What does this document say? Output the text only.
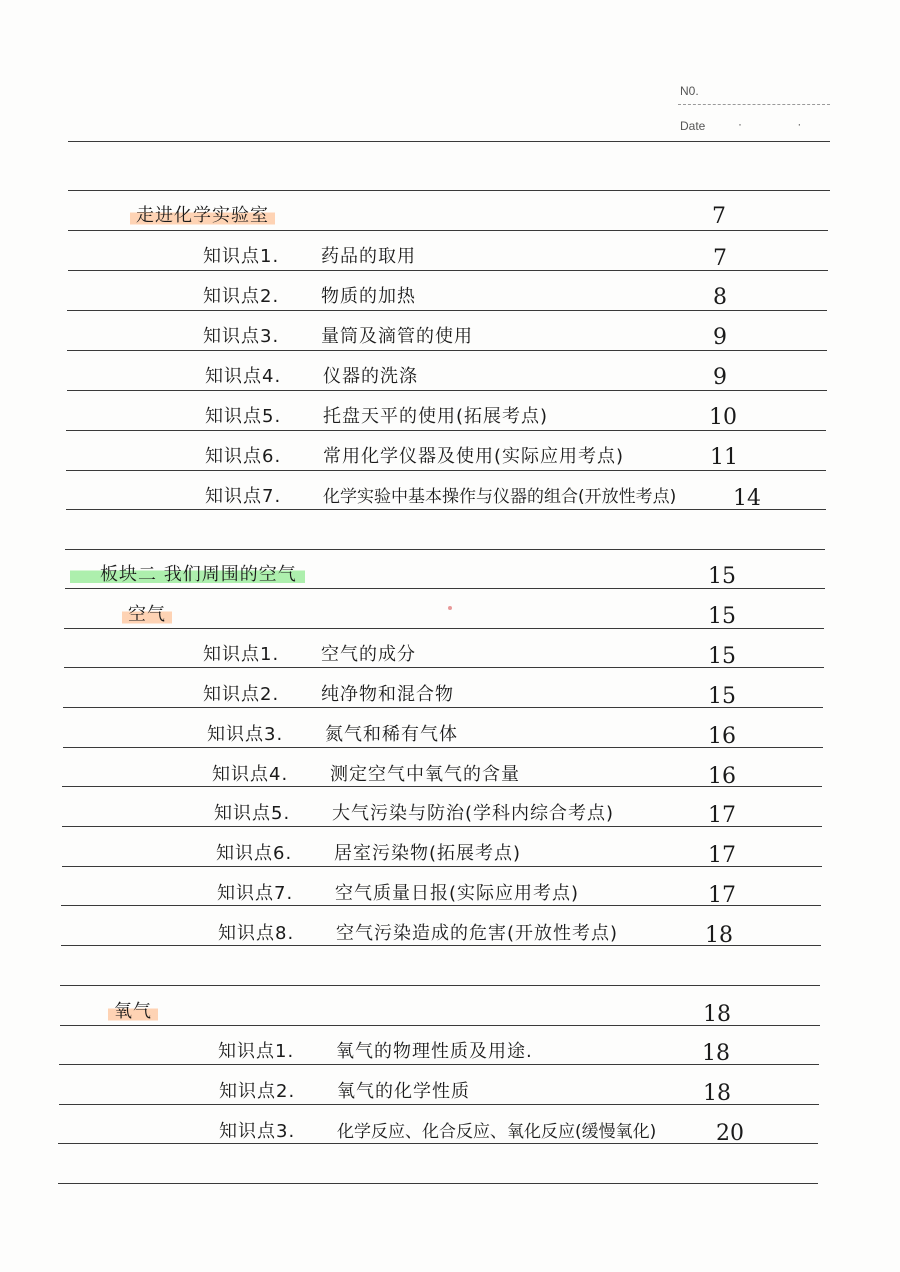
N0.
Date	· ·
走进化学实验室	7
知识点1. 药品的取用	7
知识点2. 物质的加热	8
知识点3. 量筒及滴管的使用	9
知识点4. 仪器的洗涤	9
知识点5. 托盘天平的使用(拓展考点)	10
知识点6. 常用化学仪器及使用(实际应用考点)	11
知识点7. 化学实验中基本操作与仪器的组合(开放性考点)	14
板块二 我们周围的空气	15
空气	15
知识点1. 空气的成分	15
知识点2. 纯净物和混合物	15
知识点3. 氮气和稀有气体	16
知识点4. 测定空气中氧气的含量	16
知识点5. 大气污染与防治(学科内综合考点)	17
知识点6. 居室污染物(拓展考点)	17
知识点7. 空气质量日报(实际应用考点)	17
知识点8. 空气污染造成的危害(开放性考点)	18
氧气	18
知识点1. 氧气的物理性质及用途.	18
知识点2. 氧气的化学性质	18
知识点3. 化学反应、化合反应、氧化反应(缓慢氧化)	20
